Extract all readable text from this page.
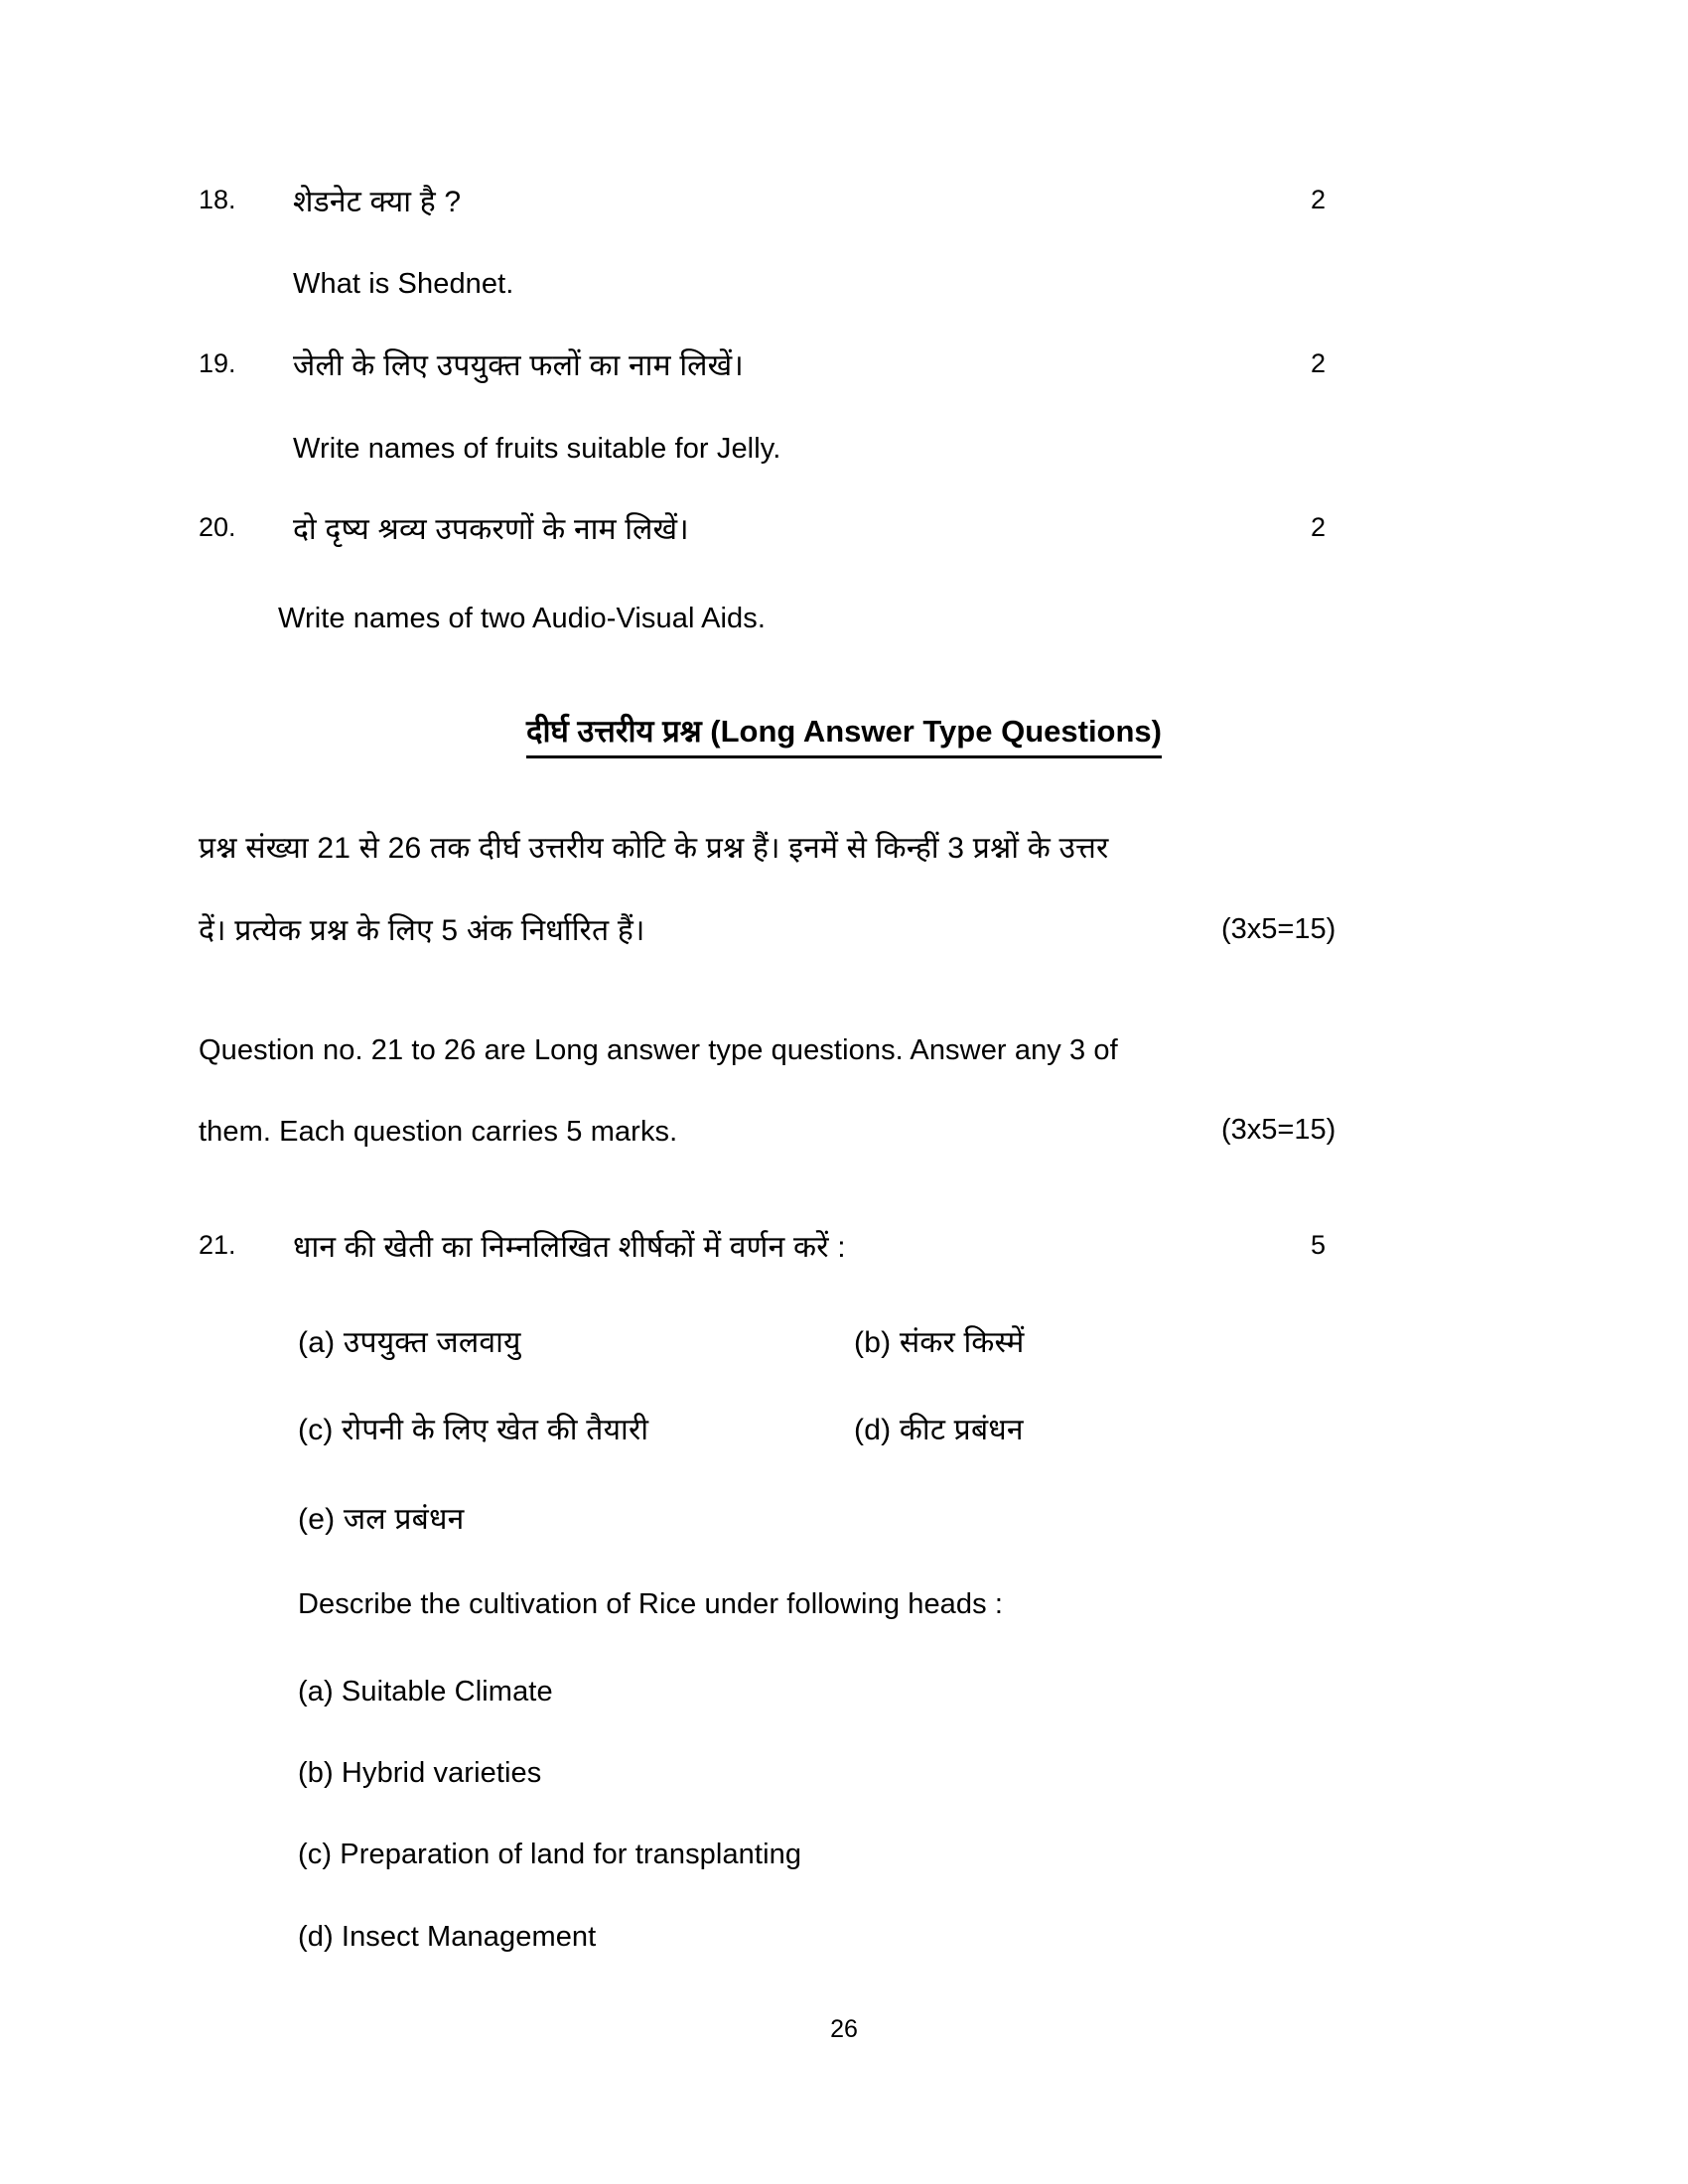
18.	शेडनेट क्या है ?	2
What is Shednet.
19.	जेली के लिए उपयुक्त फलों का नाम लिखें।	2
Write names of fruits suitable for Jelly.
20.	दो दृष्य श्रव्य उपकरणों के नाम लिखें।	2
Write names of two Audio-Visual Aids.
दीर्घ उत्तरीय प्रश्न (Long Answer Type Questions)
प्रश्न संख्या 21 से 26 तक दीर्घ उत्तरीय कोटि के प्रश्न हैं। इनमें से किन्हीं 3 प्रश्नों के उत्तर
दें। प्रत्येक प्रश्न के लिए 5 अंक निर्धारित हैं।	(3x5=15)
Question no. 21 to 26 are Long answer type questions. Answer any 3 of
them. Each question carries 5 marks.	(3x5=15)
21.	धान की खेती का निम्नलिखित शीर्षकों में वर्णन करें :	5
(a) उपयुक्त जलवायु	(b) संकर किस्में
(c) रोपनी के लिए खेत की तैयारी	(d) कीट प्रबंधन
(e) जल प्रबंधन
Describe the cultivation of Rice under following heads :
(a) Suitable Climate
(b) Hybrid varieties
(c) Preparation of land for transplanting
(d) Insect Management
26
